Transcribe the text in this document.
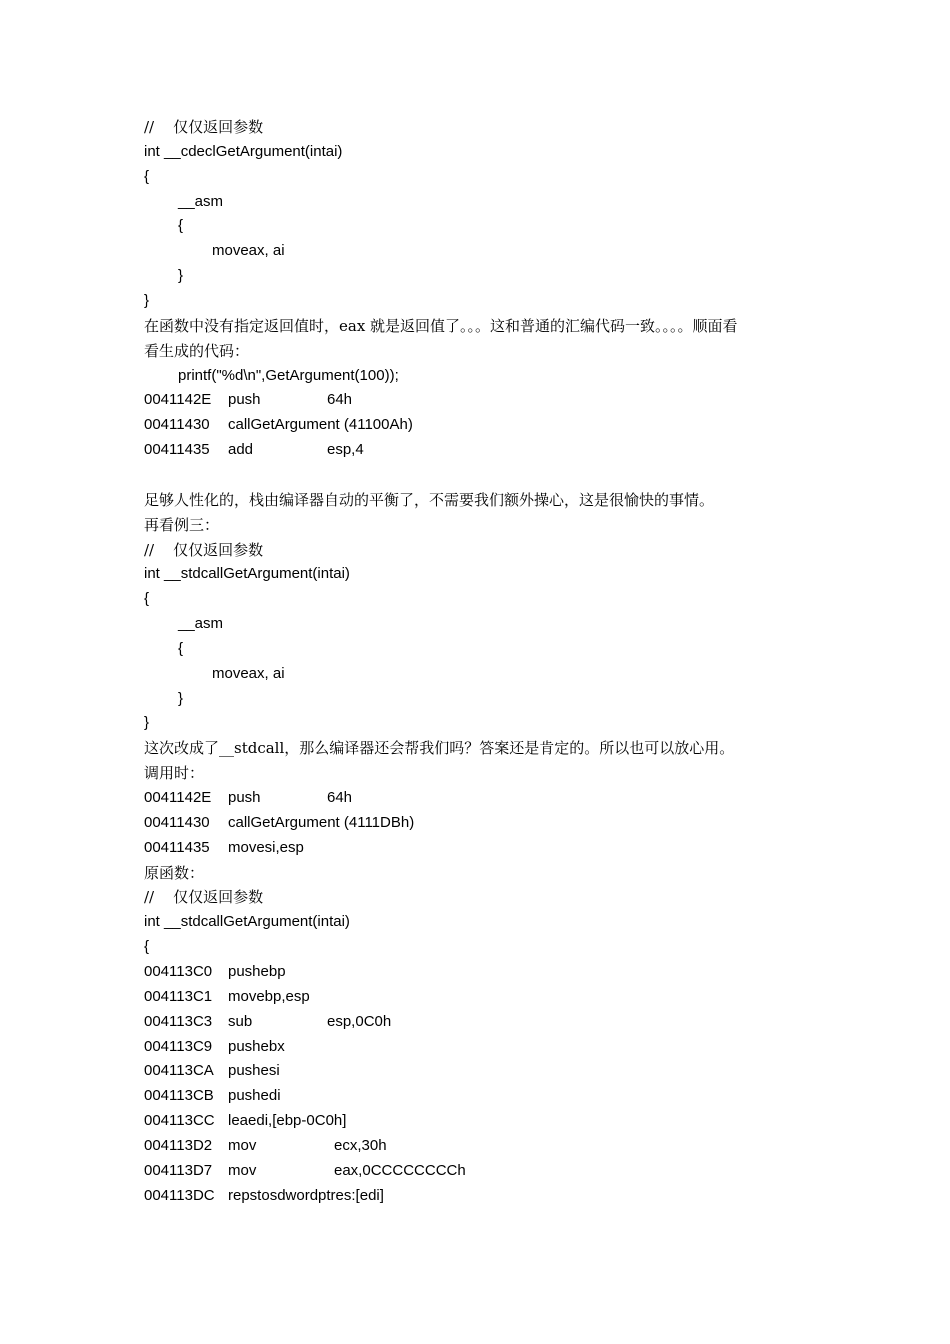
//    仅仅返回参数
int __cdeclGetArgument(intai)
{
__asm
{
moveax, ai
}
}
在函数中没有指定返回值时，eax 就是返回值了。。。这和普通的汇编代码一致。。。。顺面看
看生成的代码：
printf("%d\n",GetArgument(100));
0041142E push	64h
00411430 callGetArgument (41100Ah)
00411435 add	esp,4
足够人性化的，栈由编译器自动的平衡了，不需要我们额外操心，这是很愉快的事情。
再看例三：
//    仅仅返回参数
int __stdcallGetArgument(intai)
{
__asm
{
moveax, ai
}
}
这次改成了__stdcall，那么编译器还会帮我们吗？答案还是肯定的。所以也可以放心用。
调用时：
0041142E push	64h
00411430 callGetArgument (4111DBh)
00411435 movesi,esp
原函数：
//    仅仅返回参数
int __stdcallGetArgument(intai)
{
004113C0 pushebp
004113C1 movebp,esp
004113C3 sub	esp,0C0h
004113C9 pushebx
004113CA pushesi
004113CB pushedi
004113CC leaedi,[ebp-0C0h]
004113D2 mov	ecx,30h
004113D7 mov	eax,0CCCCCCCCh
004113DC repstosdwordptres:[edi]
